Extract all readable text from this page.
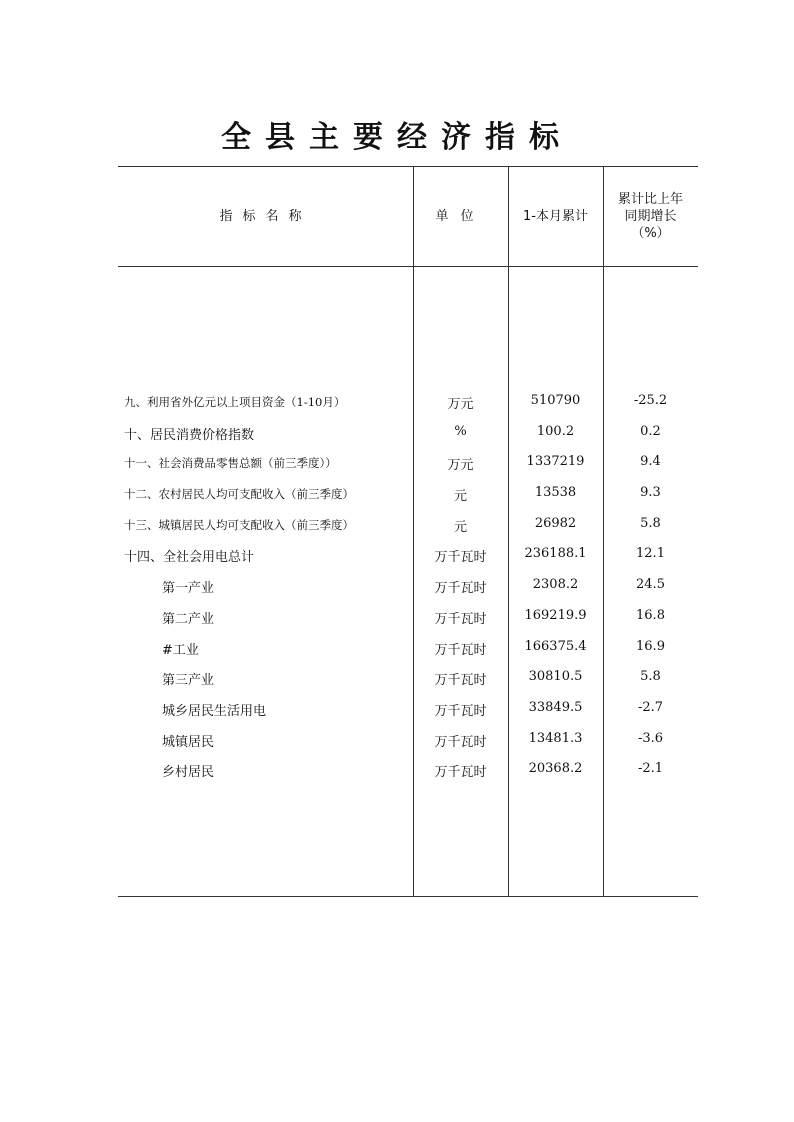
全县主要经济指标
指标名称	单位	1-本月累计
累计比上年
同期增长
（%）
九、利用省外亿元以上项目资金（1-10月）	万元	510790	-25.2
十、居民消费价格指数	%	100.2	0.2
十一、社会消费品零售总额（前三季度））	万元	1337219	9.4
十二、农村居民人均可支配收入（前三季度）	元	13538	9.3
十三、城镇居民人均可支配收入（前三季度）	元	26982	5.8
十四、全社会用电总计	万千瓦时	236188.1	12.1
第一产业	万千瓦时	2308.2	24.5
第二产业	万千瓦时	169219.9	16.8
#工业	万千瓦时	166375.4	16.9
第三产业	万千瓦时	30810.5	5.8
城乡居民生活用电	万千瓦时	33849.5	-2.7
城镇居民	万千瓦时	13481.3	-3.6
乡村居民	万千瓦时	20368.2	-2.1
